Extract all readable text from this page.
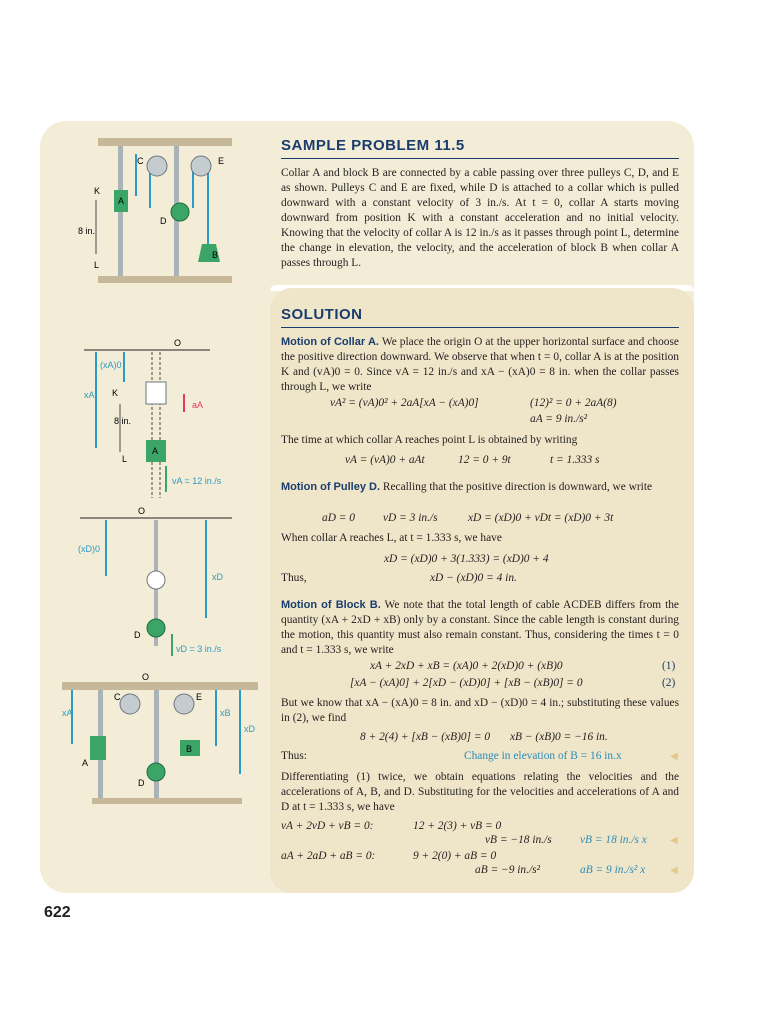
SAMPLE PROBLEM 11.5
Collar A and block B are connected by a cable passing over three pulleys C, D, and E as shown. Pulleys C and E are fixed, while D is attached to a collar which is pulled downward with a constant velocity of 3 in./s. At t = 0, collar A starts moving downward from position K with a constant acceleration and no initial velocity. Knowing that the velocity of collar A is 12 in./s as it passes through point L, determine the change in elevation, the velocity, and the acceleration of block B when collar A passes through L.
SOLUTION
Motion of Collar A. We place the origin O at the upper horizontal surface and choose the positive direction downward. We observe that when t = 0, collar A is at the position K and (vA)0 = 0. Since vA = 12 in./s and xA − (xA)0 = 8 in. when the collar passes through L, we write
vA² = (vA)0² + 2aA[xA − (xA)0]	(12)² = 0 + 2aA(8)
aA = 9 in./s²
The time at which collar A reaches point L is obtained by writing
vA = (vA)0 + aAt	12 = 0 + 9t	t = 1.333 s
Motion of Pulley D. Recalling that the positive direction is downward, we write
aD = 0 vD = 3 in./s	xD = (xD)0 + vDt = (xD)0 + 3t
When collar A reaches L, at t = 1.333 s, we have
xD = (xD)0 + 3(1.333) = (xD)0 + 4
Thus,	xD − (xD)0 = 4 in.
Motion of Block B. We note that the total length of cable ACDEB differs from the quantity (xA + 2xD + xB) only by a constant. Since the cable length is constant during the motion, this quantity must also remain constant. Thus, considering the times t = 0 and t = 1.333 s, we write
xA + 2xD + xB = (xA)0 + 2(xD)0 + (xB)0	(1)
[xA − (xA)0] + 2[xD − (xD)0] + [xB − (xB)0] = 0	(2)
But we know that xA − (xA)0 = 8 in. and xD − (xD)0 = 4 in.; substituting these values in (2), we find
8 + 2(4) + [xB − (xB)0] = 0 xB − (xB)0 = −16 in.
Thus:	Change in elevation of B = 16 in.x	◀
Differentiating (1) twice, we obtain equations relating the velocities and the accelerations of A, B, and D. Substituting for the velocities and accelerations of A and D at t = 1.333 s, we have
vA + 2vD + vB = 0:	12 + 2(3) + vB = 0
vB = −18 in./s vB = 18 in./s x ◀
aA + 2aD + aB = 0:	9 + 2(0) + aB = 0
aB = −9 in./s²	aB = 9 in./s² x ◀
622
C	E
K
A
D
B
L
8 in.
O
(xA)0
xA K
aA
8 in.
A
L
vA = 12 in./s
O
(xD)0
xD
D
vD = 3 in./s
O
C	E
xA	xB
xD
B
A
D
